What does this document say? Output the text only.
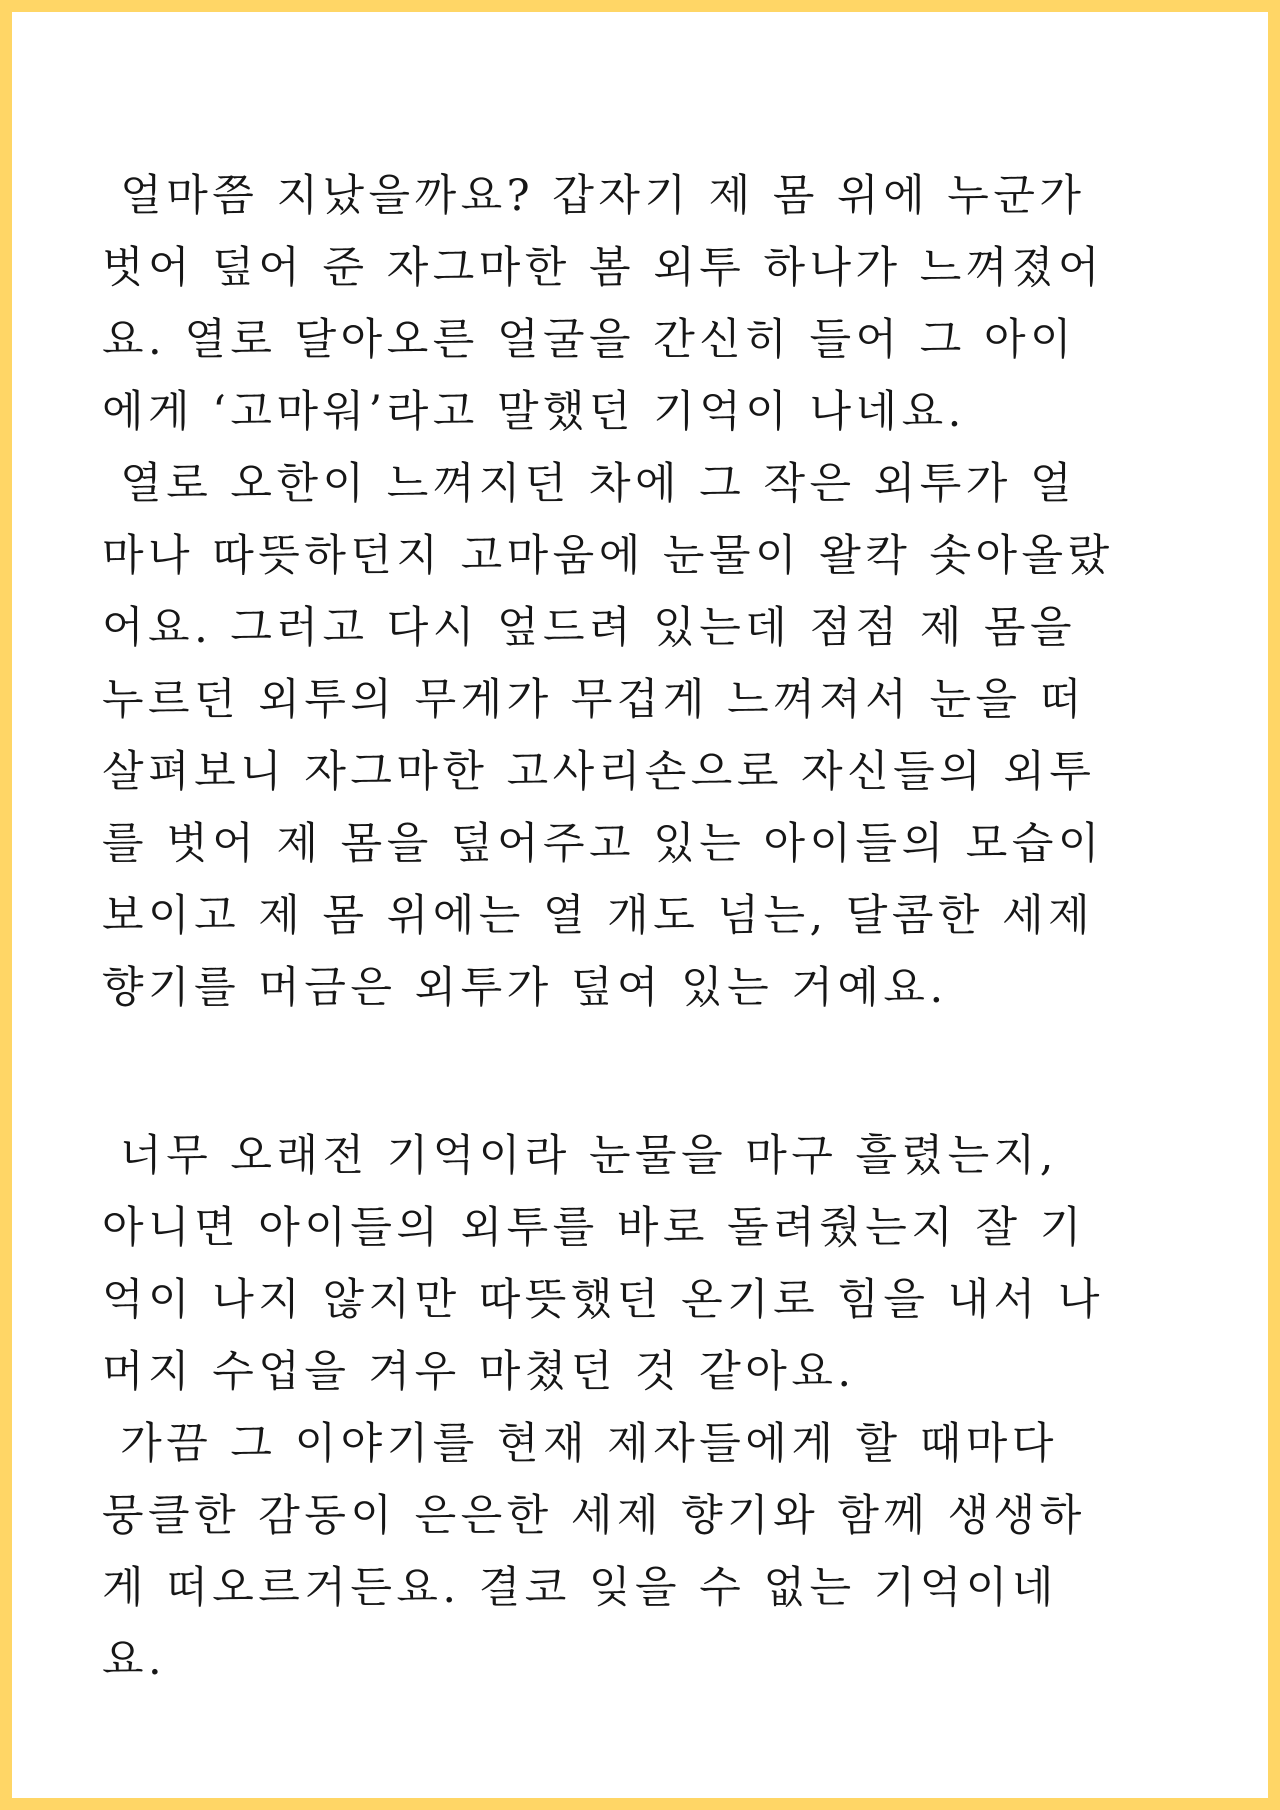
얼마쯤 지났을까요? 갑자기 제 몸 위에 누군가
벗어 덮어 준 자그마한 봄 외투 하나가 느껴졌어
요. 열로 달아오른 얼굴을 간신히 들어 그 아이
에게 ‘고마워’라고 말했던 기억이 나네요.
열로 오한이 느껴지던 차에 그 작은 외투가 얼
마나 따뜻하던지 고마움에 눈물이 왈칵 솟아올랐
어요. 그러고 다시 엎드려 있는데 점점 제 몸을
누르던 외투의 무게가 무겁게 느껴져서 눈을 떠
살펴보니 자그마한 고사리손으로 자신들의 외투
를 벗어 제 몸을 덮어주고 있는 아이들의 모습이
보이고 제 몸 위에는 열 개도 넘는, 달콤한 세제
향기를 머금은 외투가 덮여 있는 거예요.
너무 오래전 기억이라 눈물을 마구 흘렸는지,
아니면 아이들의 외투를 바로 돌려줬는지 잘 기
억이 나지 않지만 따뜻했던 온기로 힘을 내서 나
머지 수업을 겨우 마쳤던 것 같아요.
가끔 그 이야기를 현재 제자들에게 할 때마다
뭉클한 감동이 은은한 세제 향기와 함께 생생하
게 떠오르거든요. 결코 잊을 수 없는 기억이네
요.
